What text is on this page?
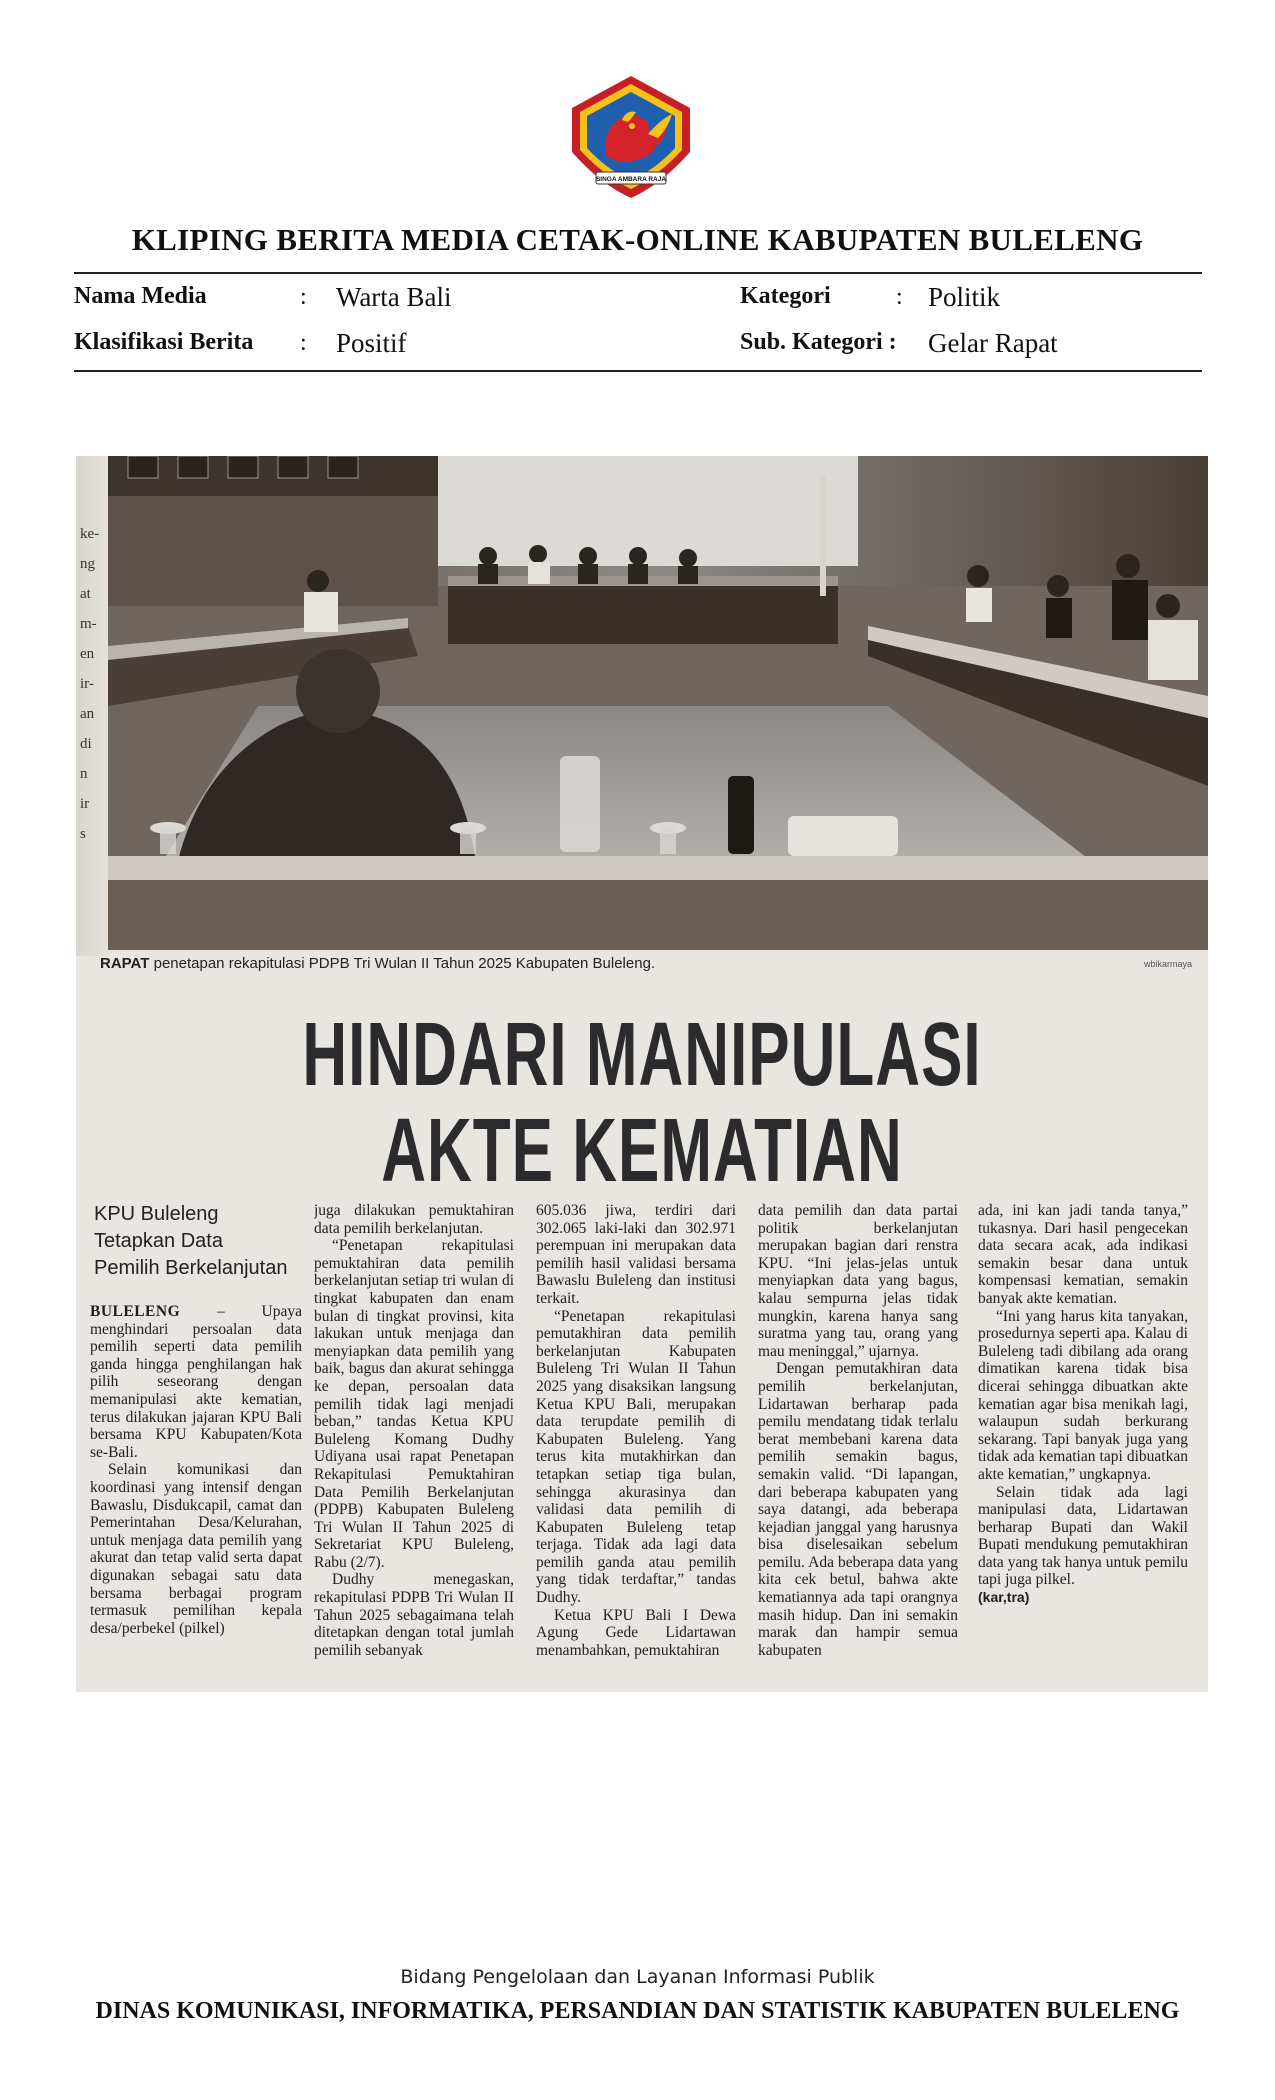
SINGA AMBARA RAJA
KLIPING BERITA MEDIA CETAK-ONLINE KABUPATEN BULELENG
Nama Media	: Warta Bali
Klasifikasi Berita : Positif
Kategori	: Politik
Sub. Kategori : Gelar Rapat
ke-
ng
at
m-
en
ir-
an
di
n
ir
s
RAPAT penetapan rekapitulasi PDPB Tri Wulan II Tahun 2025 Kabupaten Buleleng.	wbikarmaya
HINDARI MANIPULASI
AKTE KEMATIAN
KPU Buleleng
Tetapkan Data
Pemilih Berkelanjutan

BULELENG – Upaya menghindari persoalan data pemilih seperti data pemilih ganda hingga penghilangan hak pilih seseorang dengan memanipulasi akte kematian, terus dilakukan jajaran KPU Bali bersama KPU Kabupaten/Kota se-Bali.

Selain komunikasi dan koordinasi yang intensif dengan Bawaslu, Disdukcapil, camat dan Pemerintahan Desa/Kelurahan, untuk menjaga data pemilih yang akurat dan tetap valid serta dapat digunakan sebagai satu data bersama berbagai program termasuk pemilihan kepala desa/perbekel (pilkel)

juga dilakukan pemuktahiran data pemilih berkelanjutan.

“Penetapan rekapitulasi pemuktahiran data pemilih berkelanjutan setiap tri wulan di tingkat kabupaten dan enam bulan di tingkat provinsi, kita lakukan untuk menjaga dan menyiapkan data pemilih yang baik, bagus dan akurat sehingga ke depan, persoalan data pemilih tidak lagi menjadi beban,” tandas Ketua KPU Buleleng Komang Dudhy Udiyana usai rapat Penetapan Rekapitulasi Pemuktahiran Data Pemilih Berkelanjutan (PDPB) Kabupaten Buleleng Tri Wulan II Tahun 2025 di Sekretariat KPU Buleleng, Rabu (2/7).

Dudhy menegaskan, rekapitulasi PDPB Tri Wulan II Tahun 2025 sebagaimana telah ditetapkan dengan total jumlah pemilih sebanyak

605.036 jiwa, terdiri dari 302.065 laki-laki dan 302.971 perempuan ini merupakan data pemilih hasil validasi bersama Bawaslu Buleleng dan institusi terkait.

“Penetapan rekapitulasi pemutakhiran data pemilih berkelanjutan Kabupaten Buleleng Tri Wulan II Tahun 2025 yang disaksikan langsung Ketua KPU Bali, merupakan data terupdate pemilih di Kabupaten Buleleng. Yang terus kita mutakhirkan dan tetapkan setiap tiga bulan, sehingga akurasinya dan validasi data pemilih di Kabupaten Buleleng tetap terjaga. Tidak ada lagi data pemilih ganda atau pemilih yang tidak terdaftar,” tandas Dudhy.

Ketua KPU Bali I Dewa Agung Gede Lidartawan menambahkan, pemuktahiran

data pemilih dan data partai politik berkelanjutan merupakan bagian dari renstra KPU. “Ini jelas-jelas untuk menyiapkan data yang bagus, kalau sempurna jelas tidak mungkin, karena hanya sang suratma yang tau, orang yang mau meninggal,” ujarnya.

Dengan pemutakhiran data pemilih berkelanjutan, Lidartawan berharap pada pemilu mendatang tidak terlalu berat membebani karena data pemilih semakin bagus, semakin valid. “Di lapangan, dari beberapa kabupaten yang saya datangi, ada beberapa kejadian janggal yang harusnya bisa diselesaikan sebelum pemilu. Ada beberapa data yang kita cek betul, bahwa akte kematiannya ada tapi orangnya masih hidup. Dan ini semakin marak dan hampir semua kabupaten

ada, ini kan jadi tanda tanya,” tukasnya. Dari hasil pengecekan data secara acak, ada indikasi semakin besar dana untuk kompensasi kematian, semakin banyak akte kematian.

“Ini yang harus kita tanyakan, prosedurnya seperti apa. Kalau di Buleleng tadi dibilang ada orang dimatikan karena tidak bisa dicerai sehingga dibuatkan akte kematian agar bisa menikah lagi, walaupun sudah berkurang sekarang. Tapi banyak juga yang tidak ada kematian tapi dibuatkan akte kematian,” ungkapnya.

Selain tidak ada lagi manipulasi data, Lidartawan berharap Bupati dan Wakil Bupati mendukung pemutakhiran data yang tak hanya untuk pemilu tapi juga pilkel.

(kar,tra)

Bidang Pengelolaan dan Layanan Informasi Publik
DINAS KOMUNIKASI, INFORMATIKA, PERSANDIAN DAN STATISTIK KABUPATEN BULELENG
